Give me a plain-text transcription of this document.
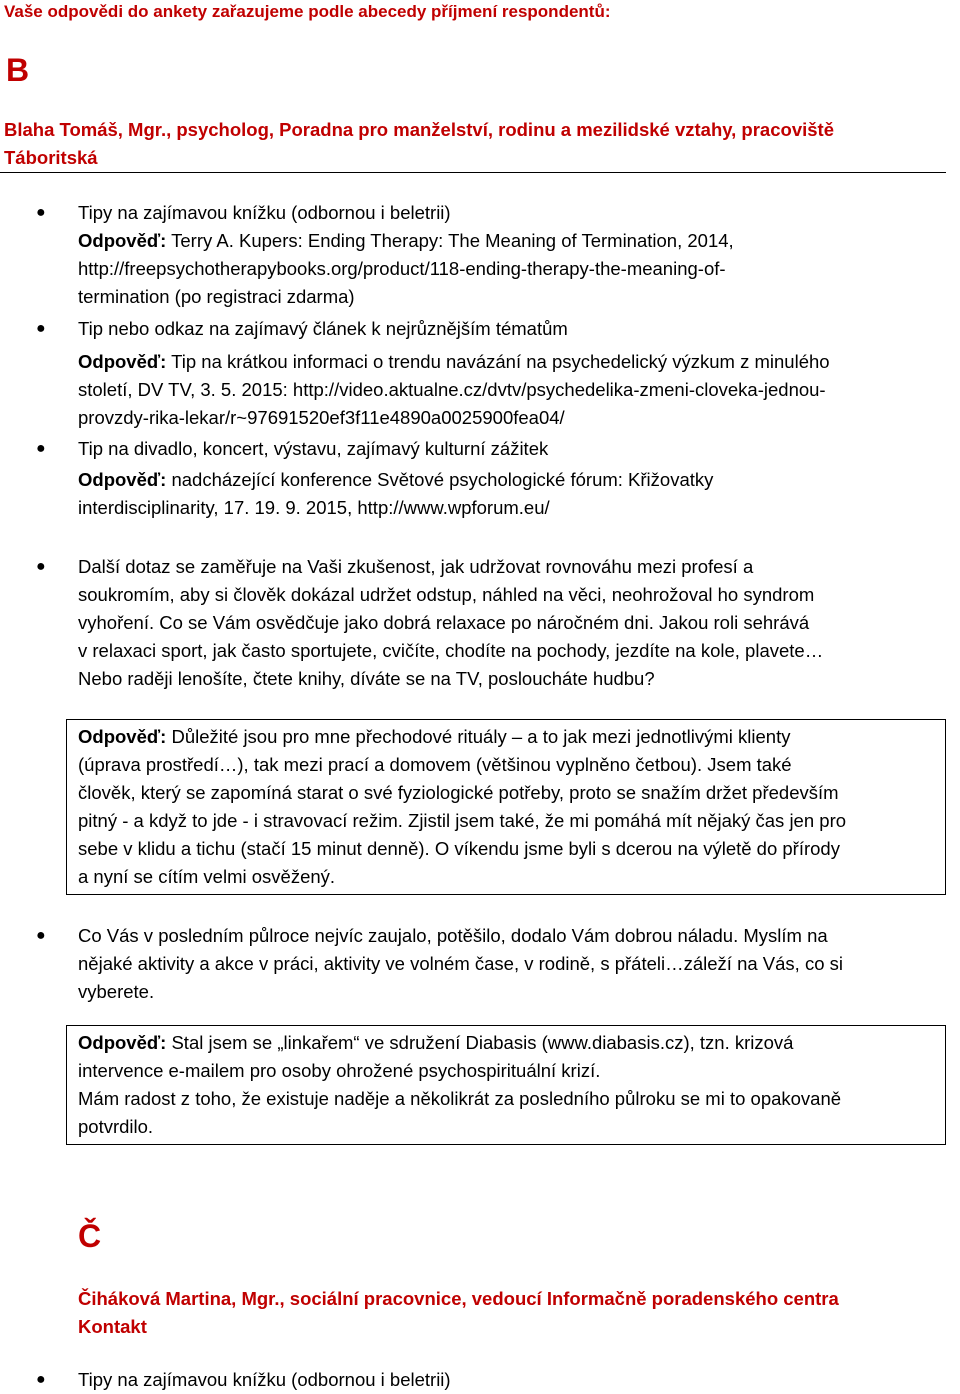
Vaše odpovědi do ankety zařazujeme podle abecedy příjmení respondentů:

B

Blaha Tomáš, Mgr., psycholog, Poradna pro manželství, rodinu a mezilidské vztahy, pracoviště
Táboritská
● Tipy na zajímavou knížku (odbornou i beletrii)

Odpověď: Terry A. Kupers: Ending Therapy: The Meaning of Termination, 2014,
http://freepsychotherapybooks.org/product/118-ending-therapy-the-meaning-of-
termination (po registraci zdarma)
● Tip nebo odkaz na zajímavý článek k nejrůznějším tématům

Odpověď: Tip na krátkou informaci o trendu navázání na psychedelický výzkum z minulého
století, DV TV, 3. 5. 2015: http://video.aktualne.cz/dvtv/psychedelika-zmeni-cloveka-jednou-
provzdy-rika-lekar/r~97691520ef3f11e4890a0025900fea04/
● Tip na divadlo, koncert, výstavu, zajímavý kulturní zážitek

Odpověď: nadcházející konference Světové psychologické fórum: Křižovatky
interdisciplinarity, 17. 19. 9. 2015, http://www.wpforum.eu/
● Další dotaz se zaměřuje na Vaši zkušenost, jak udržovat rovnováhu mezi profesí a
soukromím, aby si člověk dokázal udržet odstup, náhled na věci, neohrožoval ho syndrom
vyhoření. Co se Vám osvědčuje jako dobrá relaxace po náročném dni. Jakou roli sehrává
v relaxaci sport, jak často sportujete, cvičíte, chodíte na pochody, jezdíte na kole, plavete…
Nebo raději lenošíte, čtete knihy, díváte se na TV, posloucháte hudbu?
Odpověď: Důležité jsou pro mne přechodové rituály – a to jak mezi jednotlivými klienty
(úprava prostředí…), tak mezi prací a domovem (většinou vyplněno četbou). Jsem také
člověk, který se zapomíná starat o své fyziologické potřeby, proto se snažím držet především
pitný - a když to jde - i stravovací režim. Zjistil jsem také, že mi pomáhá mít nějaký čas jen pro
sebe v klidu a tichu (stačí 15 minut denně). O víkendu jsme byli s dcerou na výletě do přírody
a nyní se cítím velmi osvěžený.
● Co Vás v posledním půlroce nejvíc zaujalo, potěšilo, dodalo Vám dobrou náladu. Myslím na
nějaké aktivity a akce v práci, aktivity ve volném čase, v rodině, s přáteli…záleží na Vás, co si
vyberete.
Odpověď: Stal jsem se „linkařem“ ve sdružení Diabasis (www.diabasis.cz), tzn. krizová
intervence e-mailem pro osoby ohrožené psychospirituální krizí.
Mám radost z toho, že existuje naděje a několikrát za posledního půlroku se mi to opakovaně
potvrdilo.

Č

Čiháková Martina, Mgr., sociální pracovnice, vedoucí Informačně poradenského centra
Kontakt
● Tipy na zajímavou knížku (odbornou i beletrii)
